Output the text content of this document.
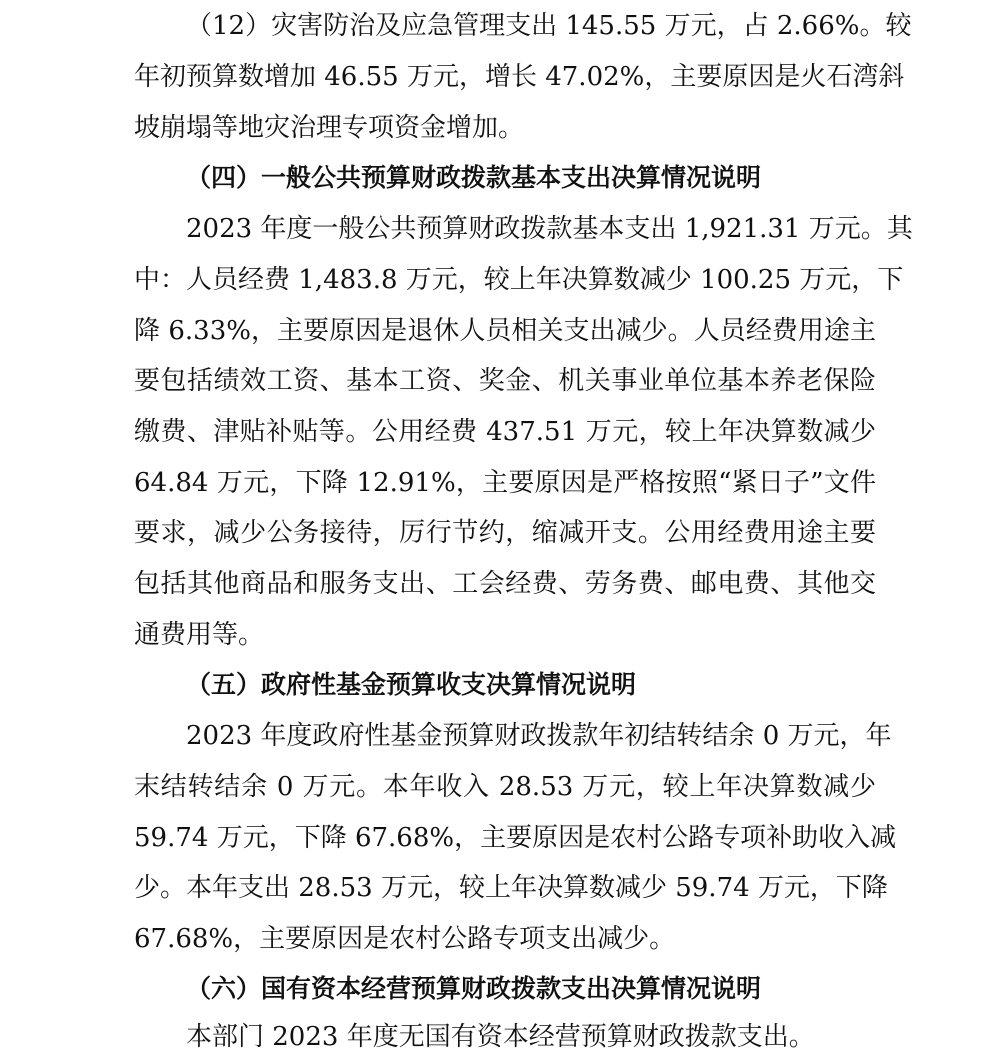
（12）灾害防治及应急管理支出 145.55 万元，占 2.66%。较
年初预算数增加 46.55 万元，增长 47.02%，主要原因是火石湾斜
坡崩塌等地灾治理专项资金增加。
（四）一般公共预算财政拨款基本支出决算情况说明
2023 年度一般公共预算财政拨款基本支出 1,921.31 万元。其
中：人员经费 1,483.8 万元，较上年决算数减少 100.25 万元，下
降 6.33%，主要原因是退休人员相关支出减少。人员经费用途主
要包括绩效工资、基本工资、奖金、机关事业单位基本养老保险
缴费、津贴补贴等。公用经费 437.51 万元，较上年决算数减少
64.84 万元，下降 12.91%，主要原因是严格按照“紧日子”文件
要求，减少公务接待，厉行节约，缩减开支。公用经费用途主要
包括其他商品和服务支出、工会经费、劳务费、邮电费、其他交
通费用等。
（五）政府性基金预算收支决算情况说明
2023 年度政府性基金预算财政拨款年初结转结余 0 万元，年
末结转结余 0 万元。本年收入 28.53 万元，较上年决算数减少
59.74 万元，下降 67.68%，主要原因是农村公路专项补助收入减
少。本年支出 28.53 万元，较上年决算数减少 59.74 万元，下降
67.68%，主要原因是农村公路专项支出减少。
（六）国有资本经营预算财政拨款支出决算情况说明
本部门 2023 年度无国有资本经营预算财政拨款支出。
